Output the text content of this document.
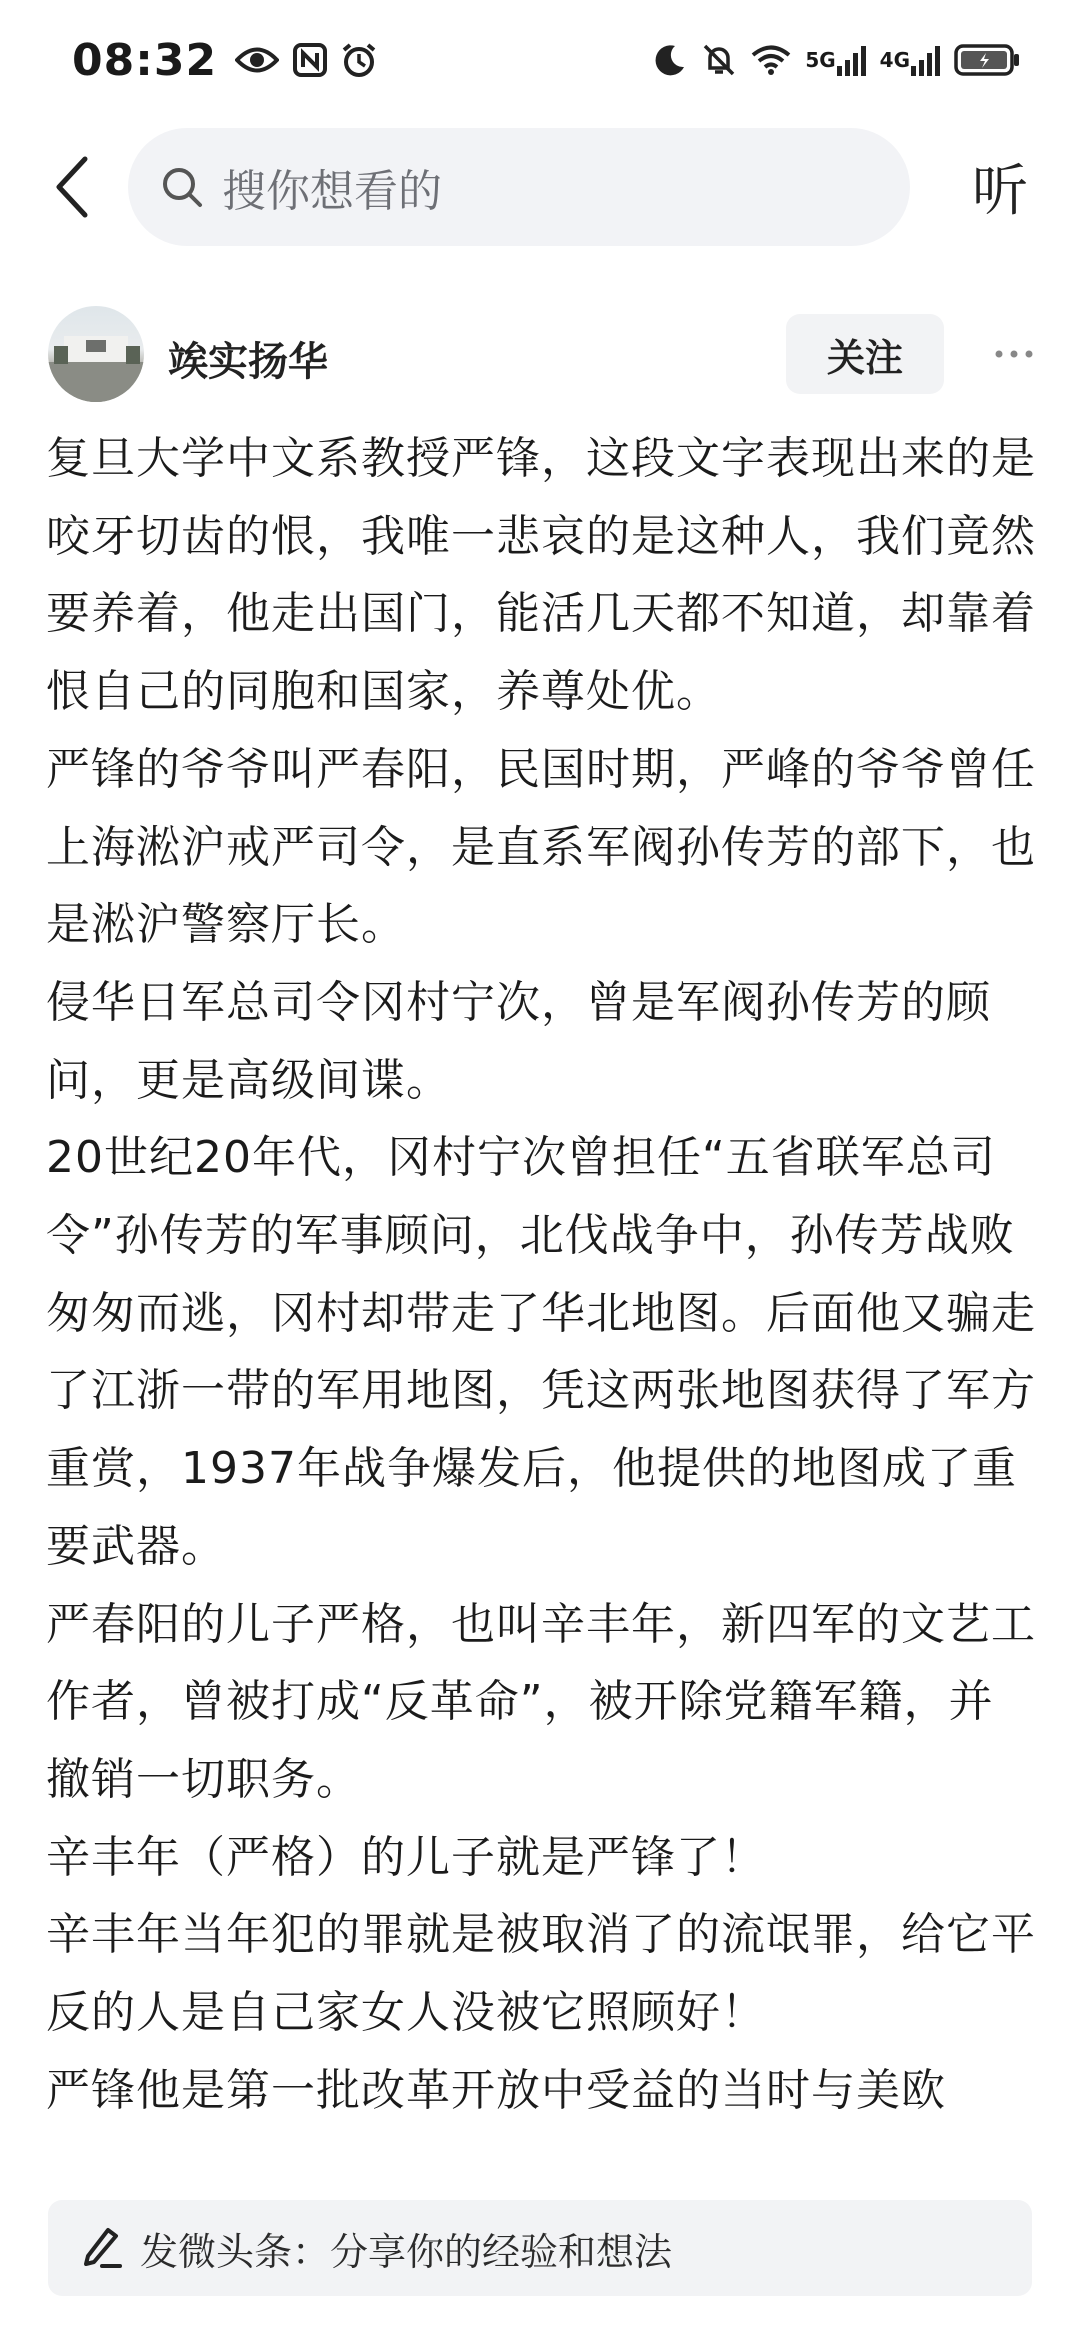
08:32	5G 4G
搜你想看的	听
竢实扬华	关注

复旦大学中文系教授严锋，这段文字表现出来的是咬牙切齿的恨，我唯一悲哀的是这种人，我们竟然要养着，他走出国门，能活几天都不知道，却靠着恨自己的同胞和国家，养尊处优。

严锋的爷爷叫严春阳，民国时期，严峰的爷爷曾任上海淞沪戒严司令，是直系军阀孙传芳的部下，也是淞沪警察厅长。

侵华日军总司令冈村宁次，曾是军阀孙传芳的顾问，更是高级间谍。

20世纪20年代，冈村宁次曾担任“五省联军总司令”孙传芳的军事顾问，北伐战争中，孙传芳战败匆匆而逃，冈村却带走了华北地图。后面他又骗走了江浙一带的军用地图，凭这两张地图获得了军方重赏，1937年战争爆发后，他提供的地图成了重要武器。

严春阳的儿子严格，也叫辛丰年，新四军的文艺工作者，曾被打成“反革命”，被开除党籍军籍，并撤销一切职务。

辛丰年（严格）的儿子就是严锋了！

辛丰年当年犯的罪就是被取消了的流氓罪，给它平反的人是自己家女人没被它照顾好！

严锋他是第一批改革开放中受益的当时与美欧

发微头条：分享你的经验和想法
